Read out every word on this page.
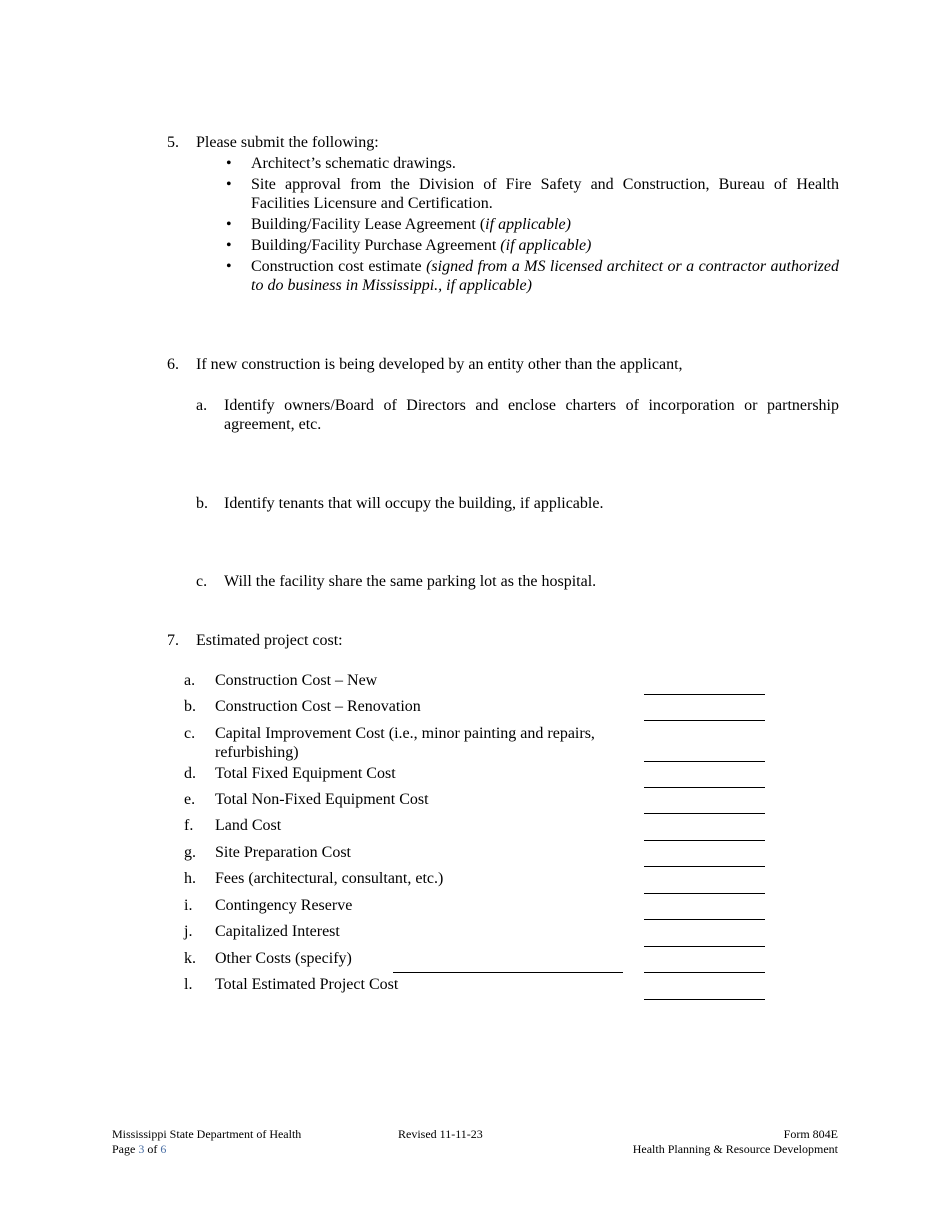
5. Please submit the following:
• Architect’s schematic drawings.
• Site approval from the Division of Fire Safety and Construction, Bureau of Health Facilities Licensure and Certification.
• Building/Facility Lease Agreement (if applicable)
• Building/Facility Purchase Agreement (if applicable)
• Construction cost estimate (signed from a MS licensed architect or a contractor authorized to do business in Mississippi., if applicable)
6. If new construction is being developed by an entity other than the applicant,
a. Identify owners/Board of Directors and enclose charters of incorporation or partnership agreement, etc.
b. Identify tenants that will occupy the building, if applicable.
c. Will the facility share the same parking lot as the hospital.
7. Estimated project cost:
a. Construction Cost – New
b. Construction Cost – Renovation
c. Capital Improvement Cost (i.e., minor painting and repairs, refurbishing)
d. Total Fixed Equipment Cost
e. Total Non-Fixed Equipment Cost
f. Land Cost
g. Site Preparation Cost
h. Fees (architectural, consultant, etc.)
i. Contingency Reserve
j. Capitalized Interest
k. Other Costs (specify)
l. Total Estimated Project Cost
Mississippi State Department of Health
Page 3 of 6
Revised 11-11-23	Form 804E
Health Planning & Resource Development
